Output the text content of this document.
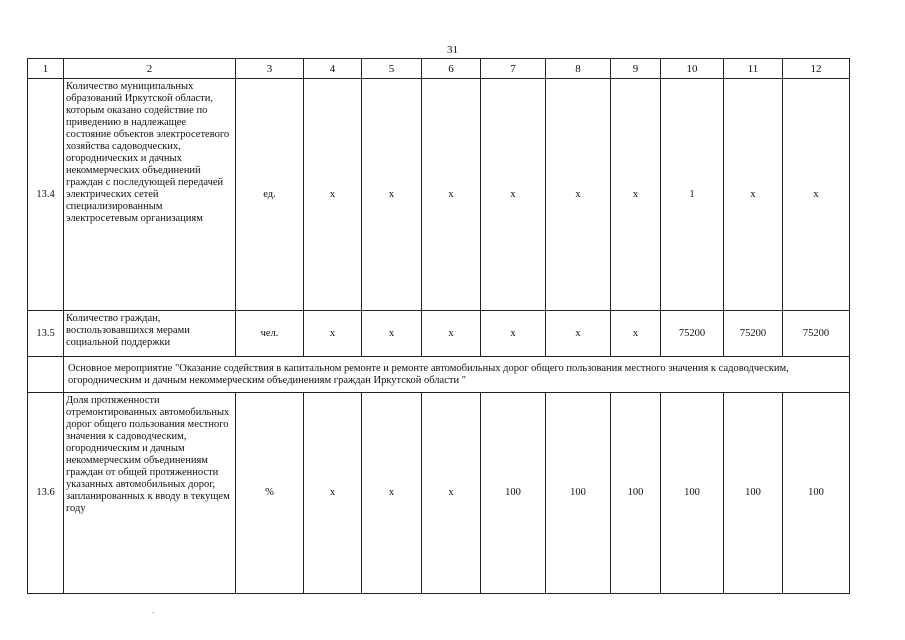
31
1	2	3	4	5	6	7	8	9	10	11	12
13.4	Количество муниципальных образований Иркутской области, которым оказано содействие по приведению в надлежащее состояние объектов электросетевого хозяйства садоводческих, огороднических и дачных некоммерческих объединений граждан с последующей передачей электрических сетей специализированным электросетевым организациям	ед.	х	х	х	х	х	х	1	х	х
13.5	Количество граждан, воспользовавшихся мерами социальной поддержки	чел.	х	х	х	х	х	х	75200	75200	75200
	Основное мероприятие "Оказание содействия в капитальном ремонте и ремонте автомобильных дорог общего пользования местного значения к садоводческим, огородническим и дачным некоммерческим объединениям граждан Иркутской области "										
13.6	Доля протяженности отремонтированных автомобильных дорог общего пользования местного значения к садоводческим, огородническим и дачным некоммерческим объединениям граждан от общей протяженности указанных автомобильных дорог, запланированных к вводу в текущем году	%	х	х	х	100	100	100	100	100	100
